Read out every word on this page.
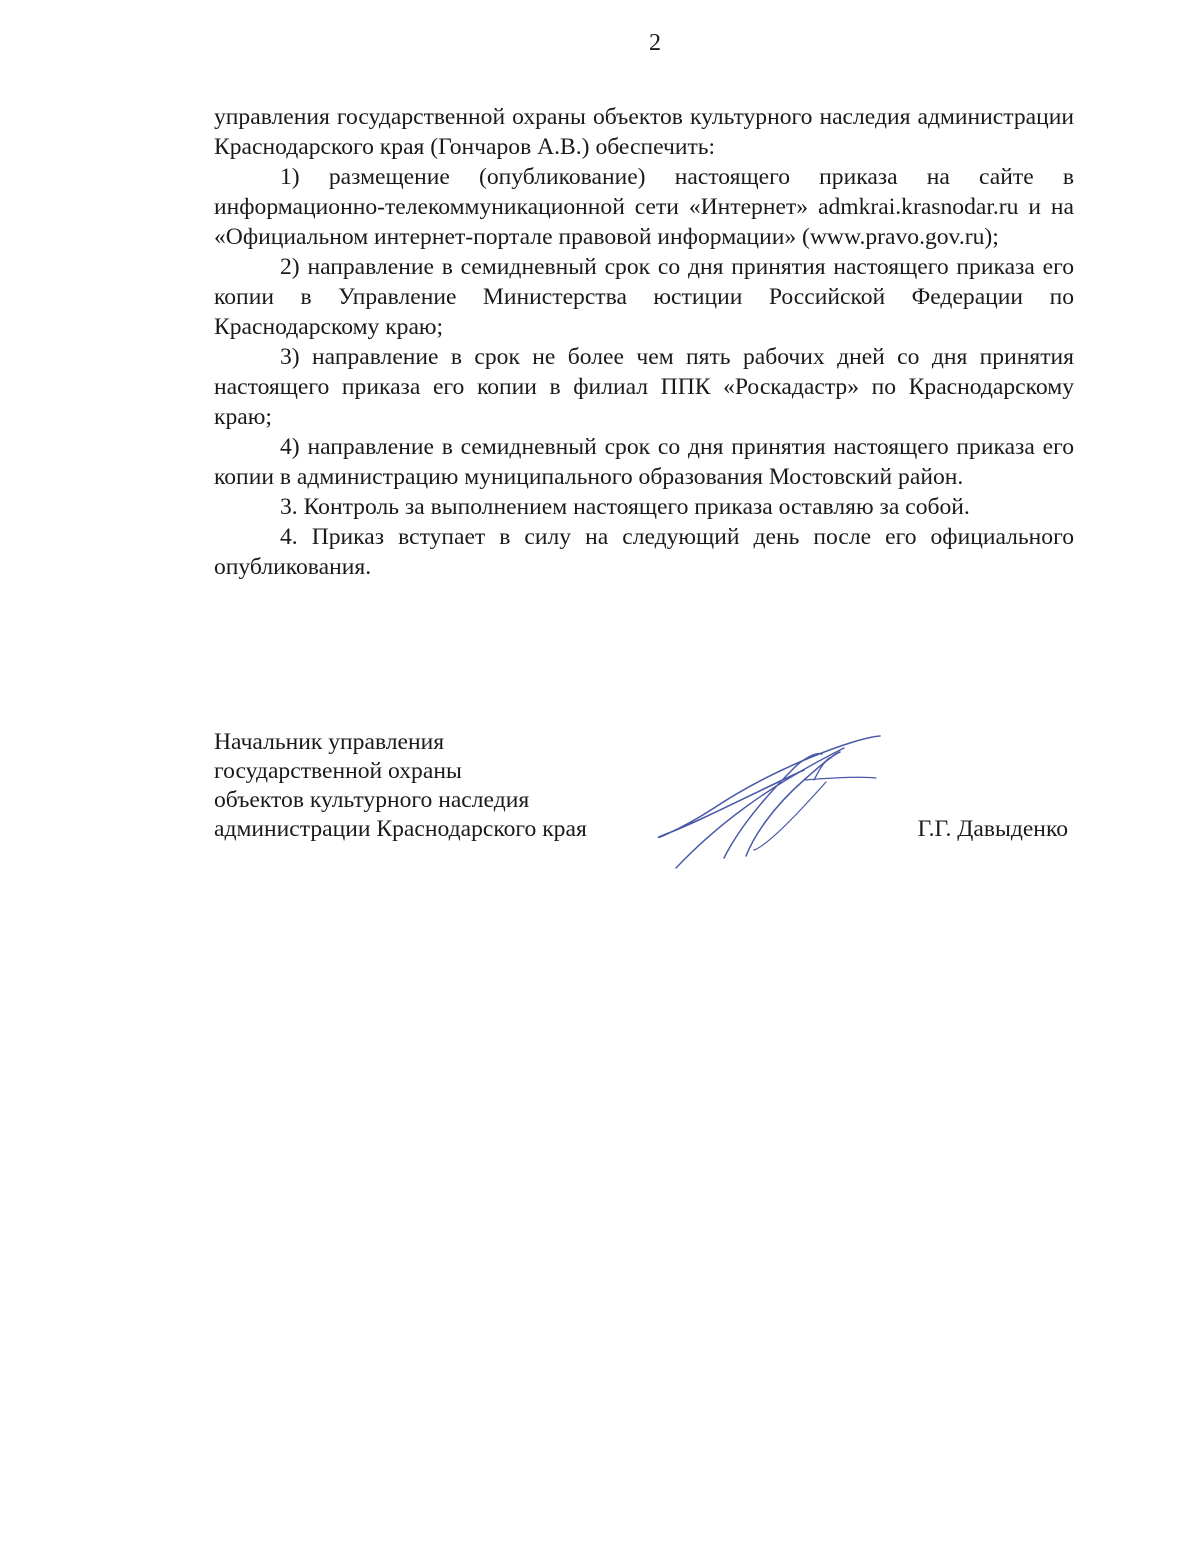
2

управления государственной охраны объектов культурного наследия администрации Краснодарского края (Гончаров А.В.) обеспечить:

1) размещение (опубликование) настоящего приказа на сайте в информационно-телекоммуникационной сети «Интернет» admkrai.krasnodar.ru и на «Официальном интернет-портале правовой информации» (www.pravo.gov.ru);

2) направление в семидневный срок со дня принятия настоящего приказа его копии в Управление Министерства юстиции Российской Федерации по Краснодарскому краю;

3) направление в срок не более чем пять рабочих дней со дня принятия настоящего приказа его копии в филиал ППК «Роскадастр» по Краснодарскому краю;

4) направление в семидневный срок со дня принятия настоящего приказа его копии в администрацию муниципального образования Мостовский район.

3. Контроль за выполнением настоящего приказа оставляю за собой.

4. Приказ вступает в силу на следующий день после его официального опубликования.

Начальник управления
государственной охраны
объектов культурного наследия
администрации Краснодарского края	Г.Г. Давыденко
